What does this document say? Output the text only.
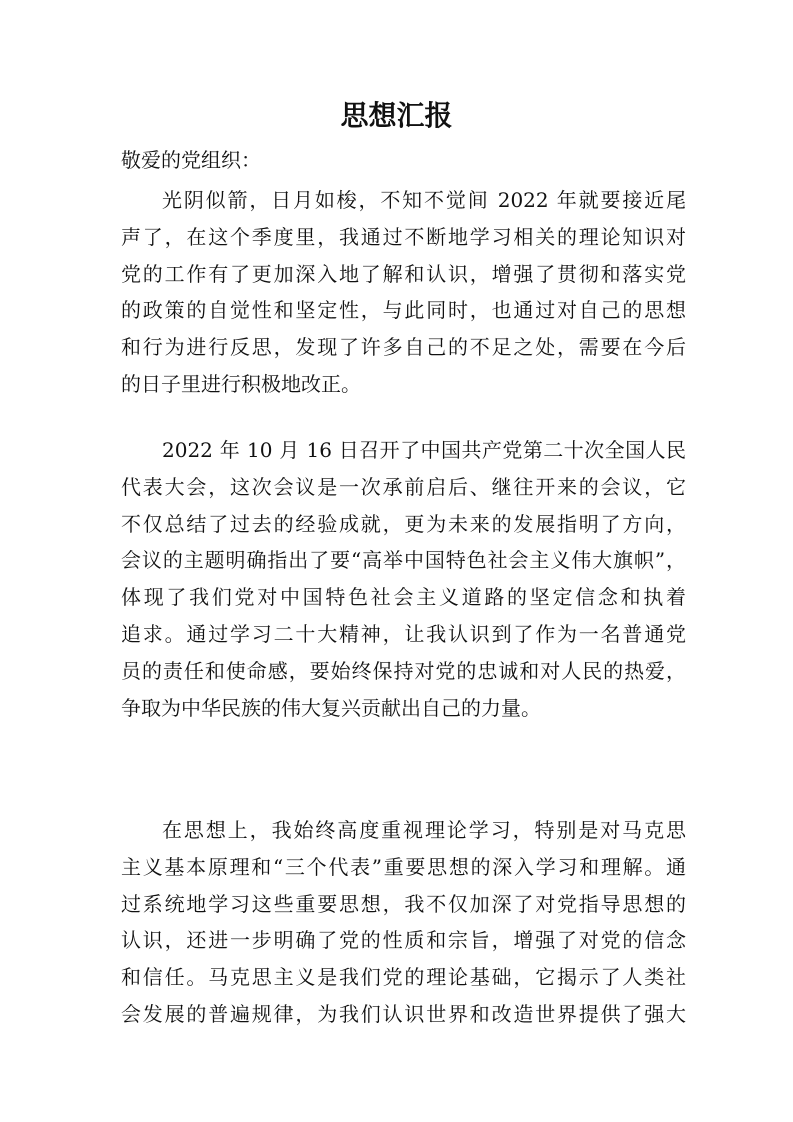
思想汇报
敬爱的党组织：
光阴似箭，日月如梭，不知不觉间 2022 年就要接近尾
声了，在这个季度里，我通过不断地学习相关的理论知识对
党的工作有了更加深入地了解和认识，增强了贯彻和落实党
的政策的自觉性和坚定性，与此同时，也通过对自己的思想
和行为进行反思，发现了许多自己的不足之处，需要在今后
的日子里进行积极地改正。
2022 年 10 月 16 日召开了中国共产党第二十次全国人民
代表大会，这次会议是一次承前启后、继往开来的会议，它
不仅总结了过去的经验成就，更为未来的发展指明了方向，
会议的主题明确指出了要“高举中国特色社会主义伟大旗帜”，
体现了我们党对中国特色社会主义道路的坚定信念和执着
追求。通过学习二十大精神，让我认识到了作为一名普通党
员的责任和使命感，要始终保持对党的忠诚和对人民的热爱，
争取为中华民族的伟大复兴贡献出自己的力量。
在思想上，我始终高度重视理论学习，特别是对马克思
主义基本原理和“三个代表”重要思想的深入学习和理解。通
过系统地学习这些重要思想，我不仅加深了对党指导思想的
认识，还进一步明确了党的性质和宗旨，增强了对党的信念
和信任。马克思主义是我们党的理论基础，它揭示了人类社
会发展的普遍规律，为我们认识世界和改造世界提供了强大
